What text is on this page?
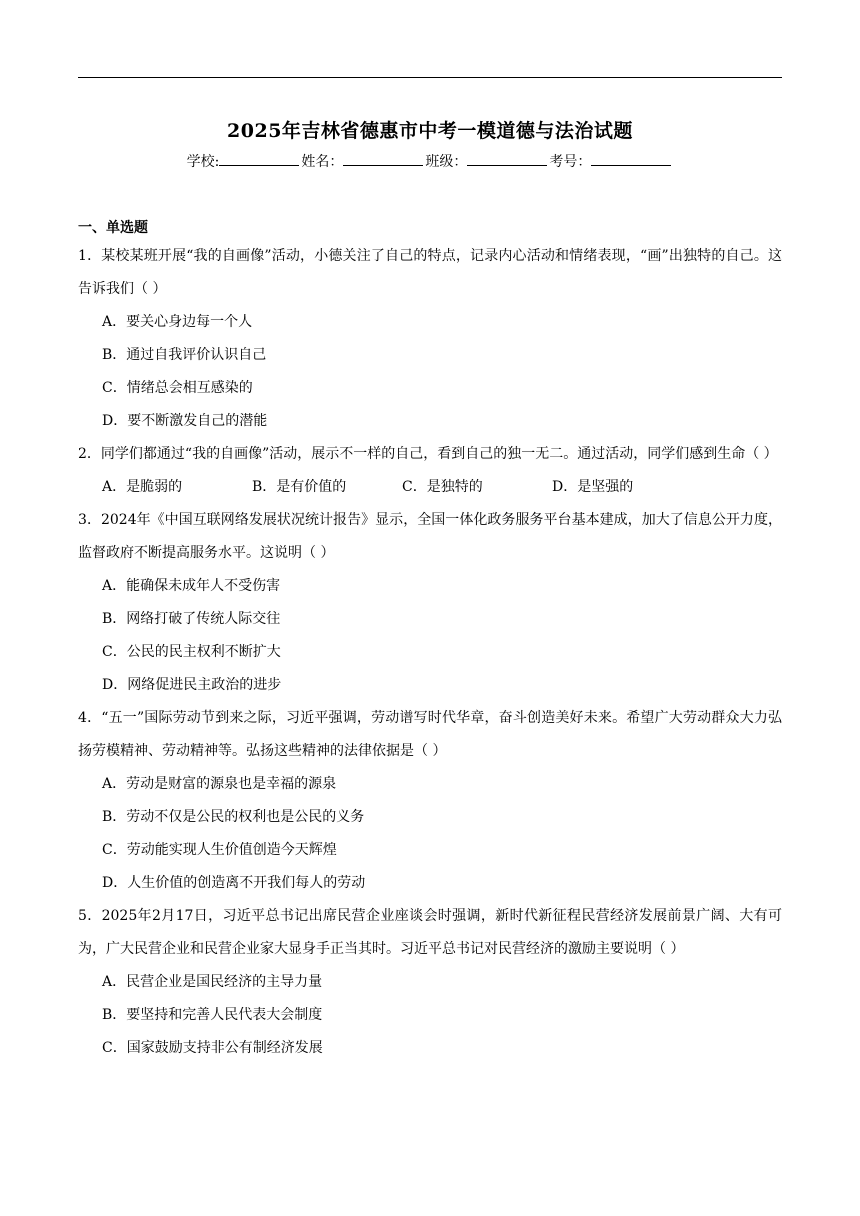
2025年吉林省德惠市中考一模道德与法治试题
学校:	姓名：	班级：	考号：
一、单选题

1．某校某班开展“我的自画像”活动，小德关注了自己的特点，记录内心活动和情绪表现，“画”出独特的自己。这告诉我们（ ）

A．要关心身边每一个人

B．通过自我评价认识自己

C．情绪总会相互感染的

D．要不断激发自己的潜能

2．同学们都通过“我的自画像”活动，展示不一样的自己，看到自己的独一无二。通过活动，同学们感到生命（ ）

A．是脆弱的	B．是有价值的	C．是独特的	D．是坚强的

3．2024年《中国互联网络发展状况统计报告》显示，全国一体化政务服务平台基本建成，加大了信息公开力度，监督政府不断提高服务水平。这说明（ ）

A．能确保未成年人不受伤害

B．网络打破了传统人际交往

C．公民的民主权利不断扩大

D．网络促进民主政治的进步

4．“五一”国际劳动节到来之际，习近平强调，劳动谱写时代华章，奋斗创造美好未来。希望广大劳动群众大力弘扬劳模精神、劳动精神等。弘扬这些精神的法律依据是（ ）

A．劳动是财富的源泉也是幸福的源泉

B．劳动不仅是公民的权利也是公民的义务

C．劳动能实现人生价值创造今天辉煌

D．人生价值的创造离不开我们每人的劳动

5．2025年2月17日，习近平总书记出席民营企业座谈会时强调，新时代新征程民营经济发展前景广阔、大有可为，广大民营企业和民营企业家大显身手正当其时。习近平总书记对民营经济的激励主要说明（ ）

A．民营企业是国民经济的主导力量

B．要坚持和完善人民代表大会制度

C．国家鼓励支持非公有制经济发展
